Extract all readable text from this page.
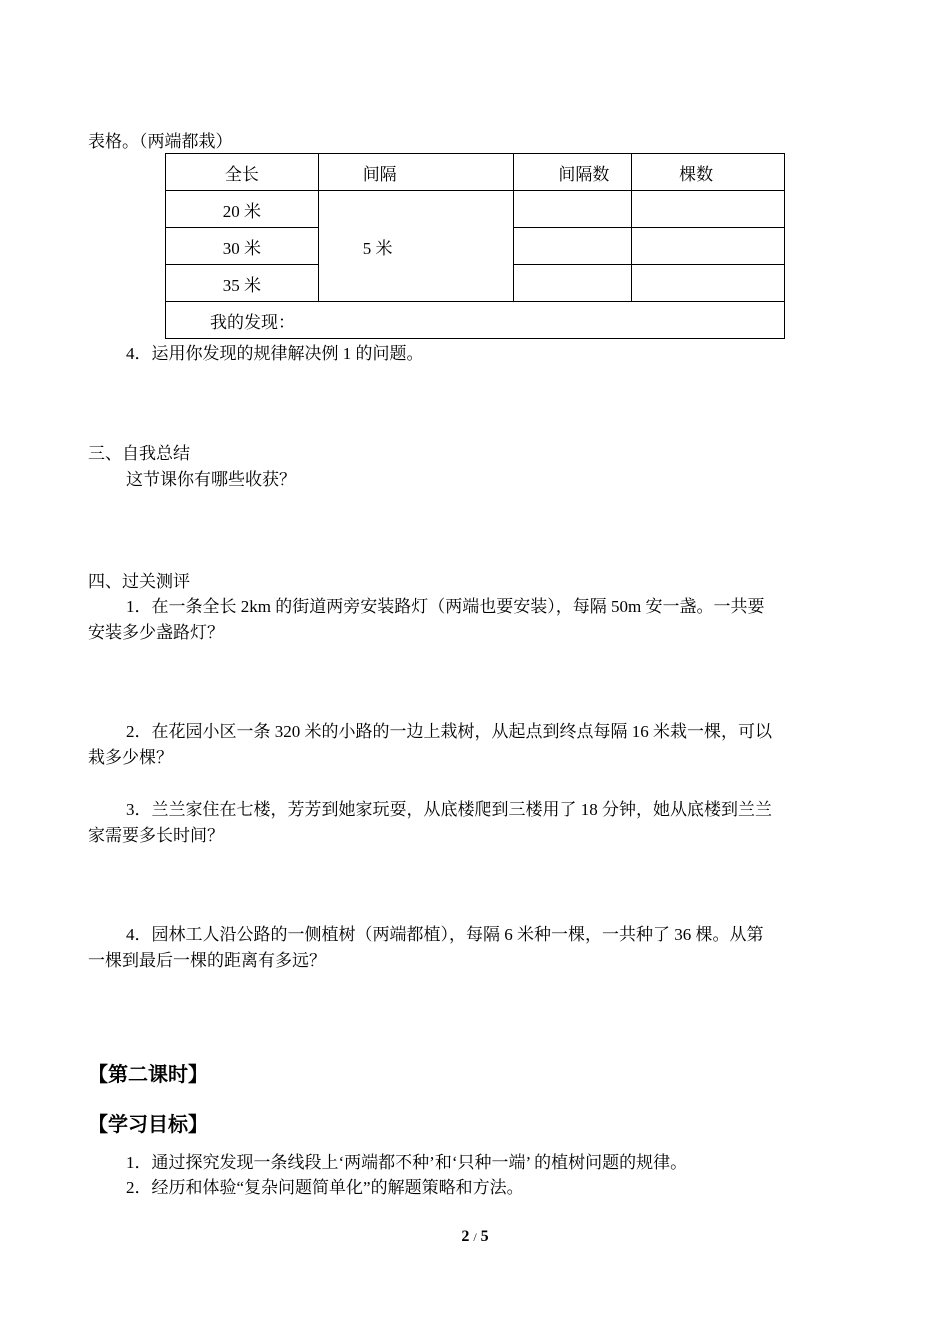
表格。（两端都栽）
全长	间隔	间隔数	棵数
20 米	5 米		
30 米			
35 米			
我的发现：			
4．运用你发现的规律解决例 1 的问题。
三、自我总结
这节课你有哪些收获？
四、过关测评
1．在一条全长 2km 的街道两旁安装路灯（两端也要安装），每隔 50m 安一盏。一共要
安装多少盏路灯？
2．在花园小区一条 320 米的小路的一边上栽树，从起点到终点每隔 16 米栽一棵，可以
栽多少棵？
3．兰兰家住在七楼，芳芳到她家玩耍，从底楼爬到三楼用了 18 分钟，她从底楼到兰兰
家需要多长时间？
4．园林工人沿公路的一侧植树（两端都植），每隔 6 米种一棵，一共种了 36 棵。从第
一棵到最后一棵的距离有多远？
【第二课时】
【学习目标】
1．通过探究发现一条线段上‘两端都不种’和‘只种一端’ 的植树问题的规律。
2．经历和体验“复杂问题简单化”的解题策略和方法。
2 / 5
